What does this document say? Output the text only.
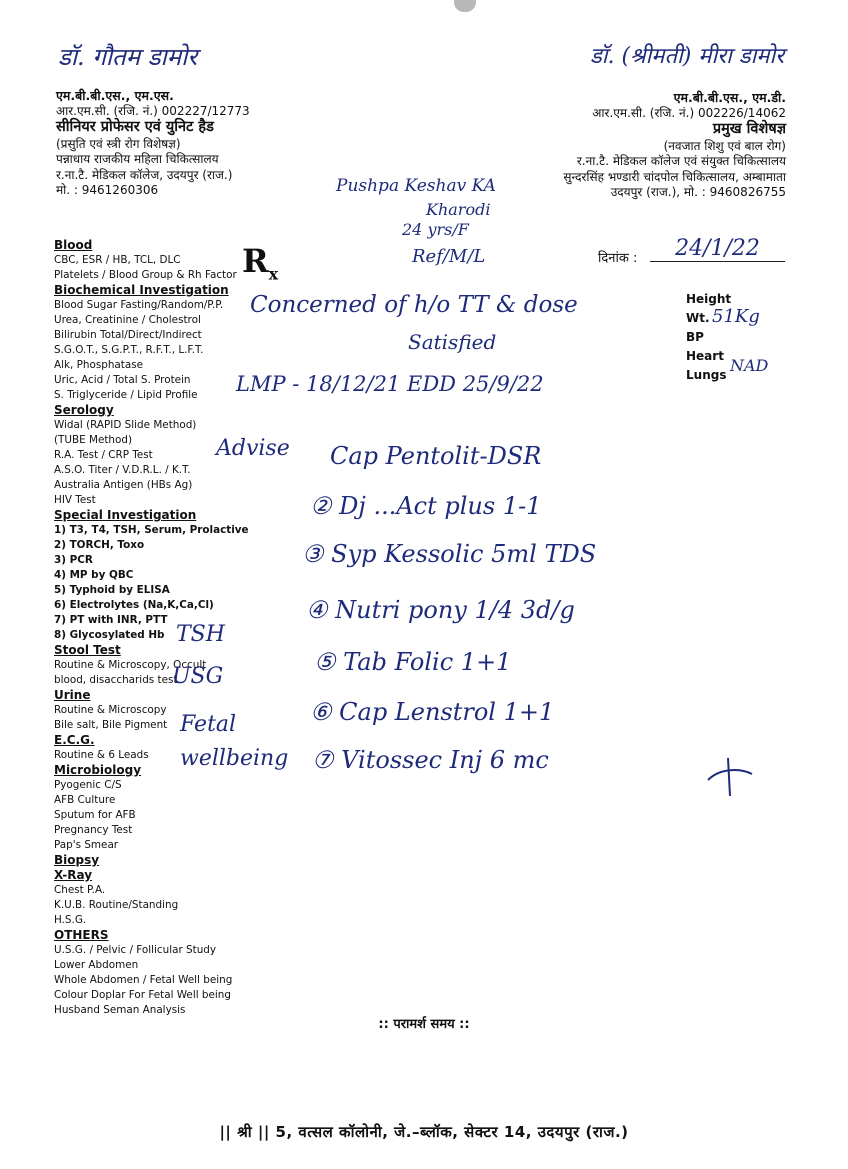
डॉ. गौतम डामोर	डॉ. (श्रीमती) मीरा डामोर
एम.बी.बी.एस., एम.एस.
आर.एम.सी. (रजि. नं.) 002227/12773
सीनियर प्रोफेसर एवं युनिट हैड
(प्रसुति एवं स्त्री रोग विशेषज्ञ)
पन्नाधाय राजकीय महिला चिकित्सालय
र.ना.टै. मेडिकल कॉलेज, उदयपुर (राज.)
मो. : 9461260306
एम.बी.बी.एस., एम.डी.
आर.एम.सी. (रजि. नं.) 002226/14062
प्रमुख विशेषज्ञ
(नवजात शिशु एवं बाल रोग)
र.ना.टै. मेडिकल कॉलेज एवं संयुक्त चिकित्सालय
सुन्दरसिंह भण्डारी चांदपोल चिकित्सालय, अम्बामाता
उदयपुर (राज.), मो. : 9460826755
$R_x$
दिनांक :	24/1/22
Height
Wt.
BP
Heart
Lungs
51Kg
NAD
Blood
CBC, ESR / HB, TCL, DLC
Platelets / Blood Group & Rh Factor
Biochemical Investigation
Blood Sugar Fasting/Random/P.P.
Urea, Creatinine / Cholestrol
Bilirubin Total/Direct/Indirect
S.G.O.T., S.G.P.T., R.F.T., L.F.T.
Alk, Phosphatase
Uric, Acid / Total S. Protein
S. Triglyceride / Lipid Profile
Serology
Widal (RAPID Slide Method)
(TUBE Method)
R.A. Test / CRP Test
A.S.O. Titer / V.D.R.L. / K.T.
Australia Antigen (HBs Ag)
HIV Test
Special Investigation
1) T3, T4, TSH, Serum, Prolactive
2) TORCH, Toxo
3) PCR
4) MP by QBC
5) Typhoid by ELISA
6) Electrolytes (Na,K,Ca,Cl)
7) PT with INR, PTT
8) Glycosylated Hb
Stool Test
Routine & Microscopy, Occult
blood, disaccharids test
Urine
Routine & Microscopy
Bile salt, Bile Pigment
E.C.G.
Routine & 6 Leads
Microbiology
Pyogenic C/S
AFB Culture
Sputum for AFB
Pregnancy Test
Pap's Smear
Biopsy
X-Ray
Chest P.A.
K.U.B. Routine/Standing
H.S.G.
OTHERS
U.S.G. / Pelvic / Follicular Study
Lower Abdomen
Whole Abdomen / Fetal Well being
Colour Doplar For Fetal Well being
Husband Seman Analysis
Pushpa Keshav KA
Kharodi
24 yrs/F
Ref/M/L
Concerned of h/o TT & dose
Satisfied
LMP - 18/12/21 EDD 25/9/22
Advise Cap Pentolit-DSR
② Dj ...Act plus 1-1
③ Syp Kessolic 5ml TDS
④ Nutri pony 1/4 3d/g
⑤ Tab Folic 1+1
⑥ Cap Lenstrol 1+1
⑦ Vitossec Inj 6 mc
TSH
USG
Fetal
wellbeing
:: परामर्श समय ::
|| श्री || 5, वत्सल कॉलोनी, जे.–ब्लॉक, सेक्टर 14, उदयपुर (राज.)
